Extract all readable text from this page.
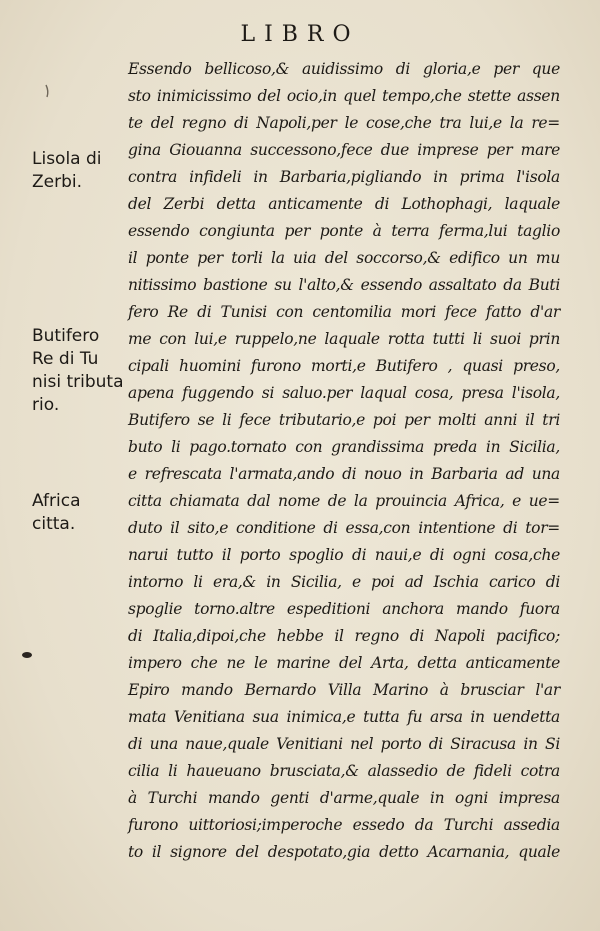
LIBRO
Lisola di
Zerbi.
Butifero
Re di Tu
nisi tributa
rio.
Africa
citta.
Essendo bellicoso,& auidissimo di gloria,e per que
sto inimicissimo del ocio,in quel tempo,che stette assen
te del regno di Napoli,per le cose,che tra lui,e la re=
gina Giouanna successono,fece due imprese per mare
contra infideli in Barbaria,pigliando in prima l'isola
del Zerbi detta anticamente di Lothophagi, laquale
essendo congiunta per ponte à terra ferma,lui taglio
il ponte per torli la uia del soccorso,& edifico un mu
nitissimo bastione su l'alto,& essendo assaltato da Buti
fero Re di Tunisi con centomilia mori fece fatto d'ar
me con lui,e ruppelo,ne laquale rotta tutti li suoi prin
cipali huomini furono morti,e Butifero , quasi preso,
apena fuggendo si saluo.per laqual cosa, presa l'isola,
Butifero se li fece tributario,e poi per molti anni il tri
buto li pago.tornato con grandissima preda in Sicilia,
e refrescata l'armata,ando di nouo in Barbaria ad una
citta chiamata dal nome de la prouincia Africa, e ue=
duto il sito,e conditione di essa,con intentione di tor=
narui tutto il porto spoglio di naui,e di ogni cosa,che
intorno li era,& in Sicilia, e poi ad Ischia carico di
spoglie torno.altre espeditioni anchora mando fuora
di Italia,dipoi,che hebbe il regno di Napoli pacifico;
impero che ne le marine del Arta, detta anticamente
Epiro mando Bernardo Villa Marino à brusciar l'ar
mata Venitiana sua inimica,e tutta fu arsa in uendetta
di una naue,quale Venitiani nel porto di Siracusa in Si
cilia li haueuano brusciata,& alassedio de fideli cotra
à Turchi mando genti d'arme,quale in ogni impresa
furono uittoriosi;imperoche essedo da Turchi assedia
to il signore del despotato,gia detto Acarnania, quale
